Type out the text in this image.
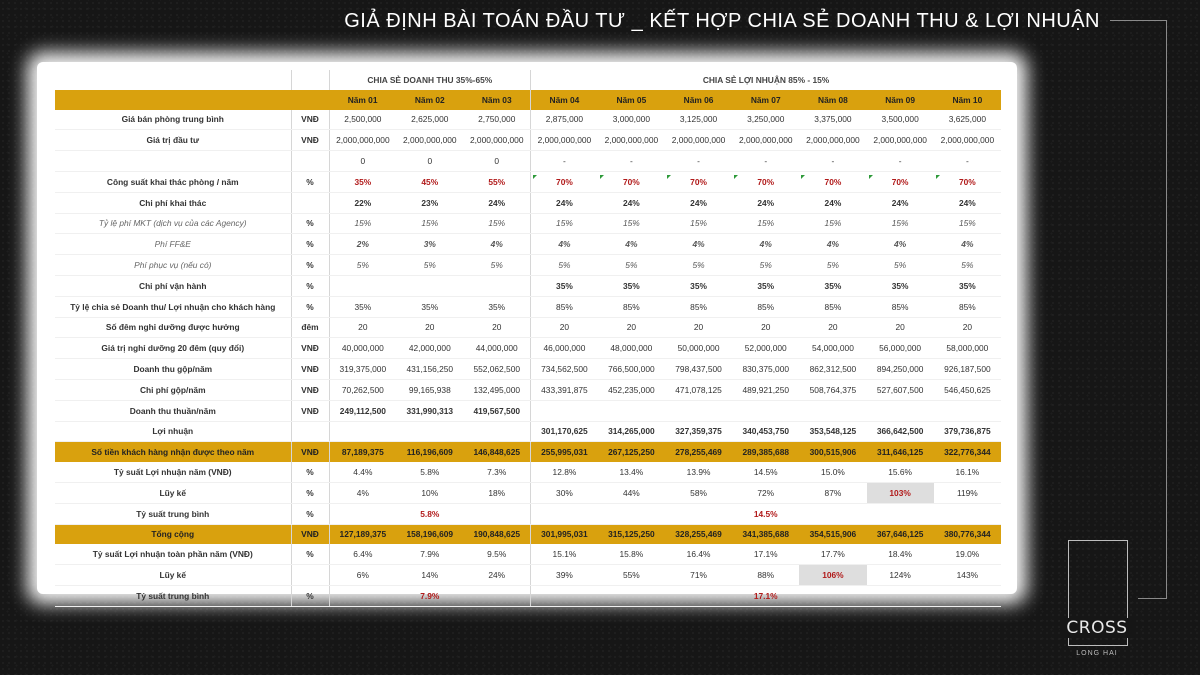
GIẢ ĐỊNH BÀI TOÁN ĐẦU TƯ _ KẾT HỢP CHIA SẺ DOANH THU & LỢI NHUẬN
		CHIA SẺ DOANH THU 35%-65%			CHIA SẺ LỢI NHUẬN 85% - 15%						
		Năm 01	Năm 02	Năm 03	Năm 04	Năm 05	Năm 06	Năm 07	Năm 08	Năm 09	Năm 10
Giá bán phòng trung bình	VNĐ	2,500,000	2,625,000	2,750,000	2,875,000	3,000,000	3,125,000	3,250,000	3,375,000	3,500,000	3,625,000
Giá trị đầu tư	VNĐ	2,000,000,000	2,000,000,000	2,000,000,000	2,000,000,000	2,000,000,000	2,000,000,000	2,000,000,000	2,000,000,000	2,000,000,000	2,000,000,000
		0	0	0	-	-	-	-	-	-	-
Công suất khai thác phòng / năm	%	35%	45%	55%	70%	70%	70%	70%	70%	70%	70%
Chi phí khai thác		22%	23%	24%	24%	24%	24%	24%	24%	24%	24%
Tỷ lệ phí MKT (dịch vụ của các Agency)	%	15%	15%	15%	15%	15%	15%	15%	15%	15%	15%
Phí FF&E	%	2%	3%	4%	4%	4%	4%	4%	4%	4%	4%
Phí phục vụ (nếu có)	%	5%	5%	5%	5%	5%	5%	5%	5%	5%	5%
Chi phí vận hành	%				35%	35%	35%	35%	35%	35%	35%
Tỷ lệ chia sẻ Doanh thu/ Lợi nhuận cho khách hàng	%	35%	35%	35%	85%	85%	85%	85%	85%	85%	85%
Số đêm nghỉ dưỡng được hưởng	đêm	20	20	20	20	20	20	20	20	20	20
Giá trị nghỉ dưỡng 20 đêm (quy đổi)	VNĐ	40,000,000	42,000,000	44,000,000	46,000,000	48,000,000	50,000,000	52,000,000	54,000,000	56,000,000	58,000,000
Doanh thu gộp/năm	VNĐ	319,375,000	431,156,250	552,062,500	734,562,500	766,500,000	798,437,500	830,375,000	862,312,500	894,250,000	926,187,500
Chi phí gộp/năm	VNĐ	70,262,500	99,165,938	132,495,000	433,391,875	452,235,000	471,078,125	489,921,250	508,764,375	527,607,500	546,450,625
Doanh thu thuần/năm	VNĐ	249,112,500	331,990,313	419,567,500							
Lợi nhuận					301,170,625	314,265,000	327,359,375	340,453,750	353,548,125	366,642,500	379,736,875
Số tiền khách hàng nhận được theo năm	VNĐ	87,189,375	116,196,609	146,848,625	255,995,031	267,125,250	278,255,469	289,385,688	300,515,906	311,646,125	322,776,344
Tỷ suất Lợi nhuận năm (VNĐ)	%	4.4%	5.8%	7.3%	12.8%	13.4%	13.9%	14.5%	15.0%	15.6%	16.1%
Lũy kế	%	4%	10%	18%	30%	44%	58%	72%	87%	103%	119%
Tỷ suất trung bình	%		5.8%					14.5%			
Tổng cộng	VNĐ	127,189,375	158,196,609	190,848,625	301,995,031	315,125,250	328,255,469	341,385,688	354,515,906	367,646,125	380,776,344
Tỷ suất Lợi nhuận toàn phần năm (VNĐ)	%	6.4%	7.9%	9.5%	15.1%	15.8%	16.4%	17.1%	17.7%	18.4%	19.0%
Lũy kế		6%	14%	24%	39%	55%	71%	88%	106%	124%	143%
Tỷ suất trung bình	%		7.9%					17.1%			
CROSS
LONG HAI
